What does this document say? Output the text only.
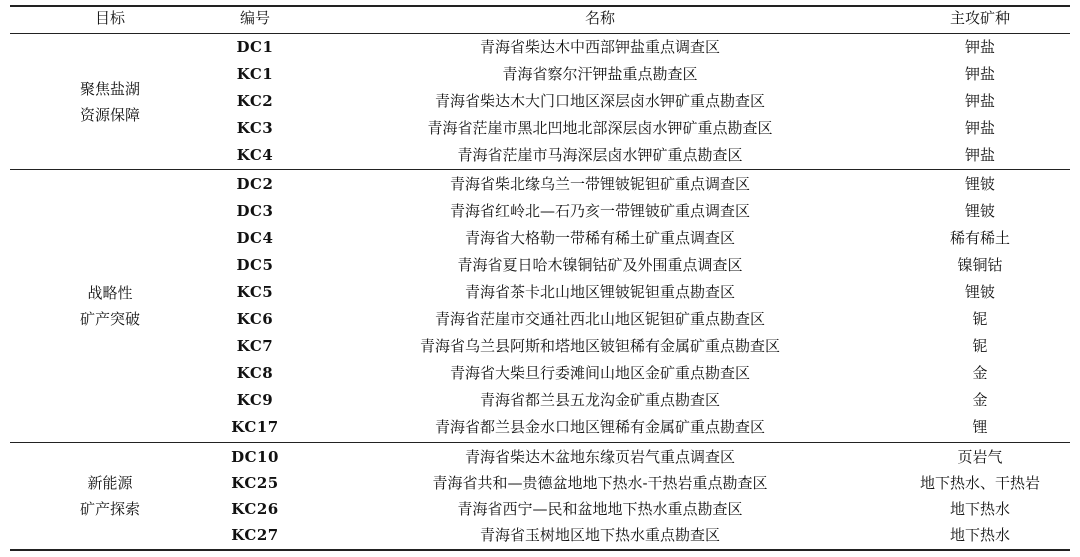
目标	编号	名称	主攻矿种
聚焦盐湖
资源保障
DC1	青海省柴达木中西部钾盐重点调查区	钾盐
KC1	青海省察尔汗钾盐重点勘查区	钾盐
KC2	青海省柴达木大门口地区深层卤水钾矿重点勘查区	钾盐
KC3	青海省茫崖市黑北凹地北部深层卤水钾矿重点勘查区	钾盐
KC4	青海省茫崖市马海深层卤水钾矿重点勘查区	钾盐
战略性
矿产突破
DC2	青海省柴北缘乌兰一带锂铍铌钽矿重点调查区	锂铍
DC3	青海省红岭北—石乃亥一带锂铍矿重点调查区	锂铍
DC4	青海省大格勒一带稀有稀土矿重点调查区	稀有稀土
DC5	青海省夏日哈木镍铜钴矿及外围重点调查区	镍铜钴
KC5	青海省茶卡北山地区锂铍铌钽重点勘查区	锂铍
KC6	青海省茫崖市交通社西北山地区铌钽矿重点勘查区	铌
KC7	青海省乌兰县阿斯和塔地区铍钽稀有金属矿重点勘查区	铌
KC8	青海省大柴旦行委滩间山地区金矿重点勘查区	金
KC9	青海省都兰县五龙沟金矿重点勘查区	金
KC17	青海省都兰县金水口地区锂稀有金属矿重点勘查区	锂
新能源
矿产探索
DC10	青海省柴达木盆地东缘页岩气重点调查区	页岩气
KC25	青海省共和—贵德盆地地下热水-干热岩重点勘查区	地下热水、干热岩
KC26	青海省西宁—民和盆地地下热水重点勘查区	地下热水
KC27	青海省玉树地区地下热水重点勘查区	地下热水
